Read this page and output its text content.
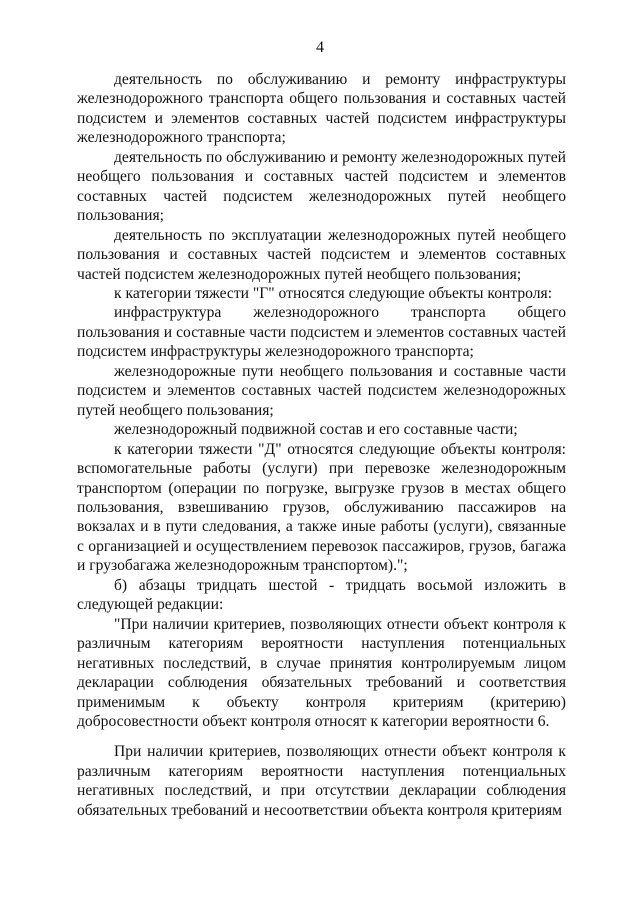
4

деятельность по обслуживанию и ремонту инфраструктуры железнодорожного транспорта общего пользования и составных частей подсистем и элементов составных частей подсистем инфраструктуры железнодорожного транспорта;

деятельность по обслуживанию и ремонту железнодорожных путей необщего пользования и составных частей подсистем и элементов составных частей подсистем железнодорожных путей необщего пользования;

деятельность по эксплуатации железнодорожных путей необщего пользования и составных частей подсистем и элементов составных частей подсистем железнодорожных путей необщего пользования;

к категории тяжести "Г" относятся следующие объекты контроля:

инфраструктура железнодорожного транспорта общего пользования и составные части подсистем и элементов составных частей подсистем инфраструктуры железнодорожного транспорта;

железнодорожные пути необщего пользования и составные части подсистем и элементов составных частей подсистем железнодорожных путей необщего пользования;

железнодорожный подвижной состав и его составные части;

к категории тяжести "Д" относятся следующие объекты контроля: вспомогательные работы (услуги) при перевозке железнодорожным транспортом (операции по погрузке, выгрузке грузов в местах общего пользования, взвешиванию грузов, обслуживанию пассажиров на вокзалах и в пути следования, а также иные работы (услуги), связанные с организацией и осуществлением перевозок пассажиров, грузов, багажа и грузобагажа железнодорожным транспортом).";

б) абзацы тридцать шестой - тридцать восьмой изложить в следующей редакции:

"При наличии критериев, позволяющих отнести объект контроля к различным категориям вероятности наступления потенциальных негативных последствий, в случае принятия контролируемым лицом декларации соблюдения обязательных требований и соответствия применимым к объекту контроля критериям (критерию) добросовестности объект контроля относят к категории вероятности 6.

При наличии критериев, позволяющих отнести объект контроля к различным категориям вероятности наступления потенциальных негативных последствий, и при отсутствии декларации соблюдения обязательных требований и несоответствии объекта контроля критериям
